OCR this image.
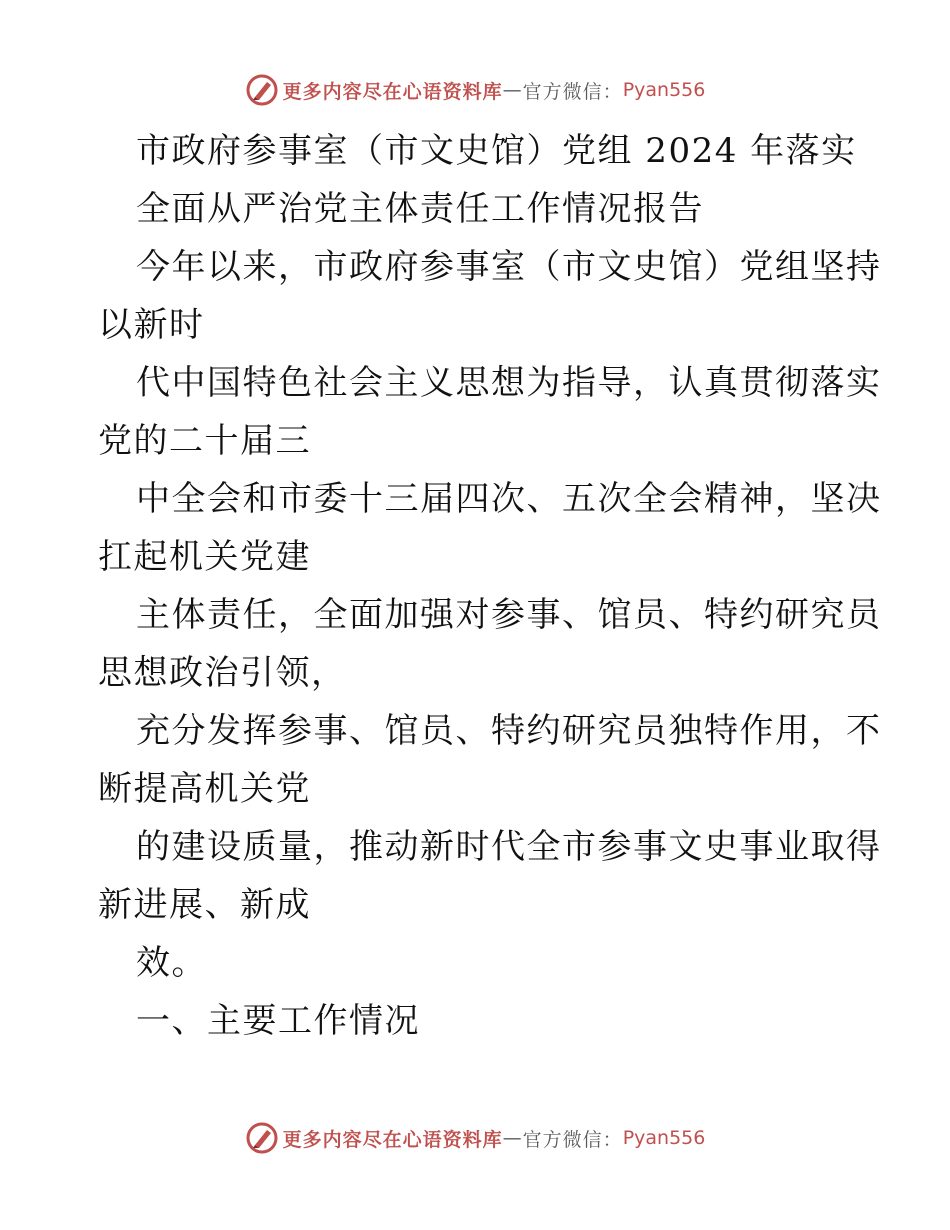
更多内容尽在心语资料库 — 官方微信： Pyan556
市政府参事室（市文史馆）党组 2024 年落实
全面从严治党主体责任工作情况报告
今年以来，市政府参事室（市文史馆）党组坚持
以新时
代中国特色社会主义思想为指导，认真贯彻落实
党的二十届三
中全会和市委十三届四次、五次全会精神，坚决
扛起机关党建
主体责任，全面加强对参事、馆员、特约研究员
思想政治引领，
充分发挥参事、馆员、特约研究员独特作用，不
断提高机关党
的建设质量，推动新时代全市参事文史事业取得
新进展、新成
效。
一、主要工作情况
更多内容尽在心语资料库 — 官方微信： Pyan556
